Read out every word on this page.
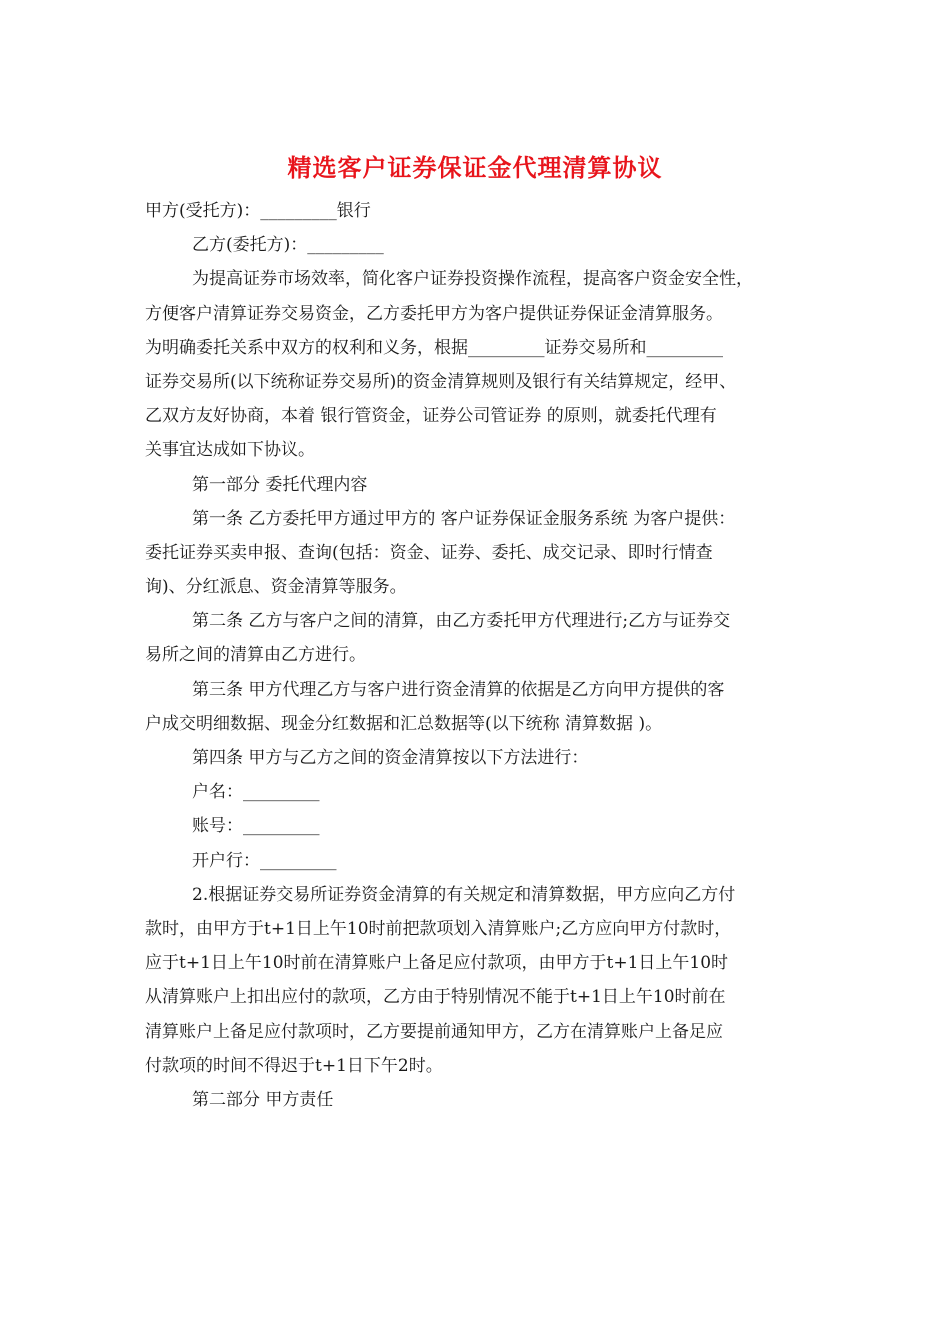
精选客户证券保证金代理清算协议
甲方(受托方)：_________银行
乙方(委托方)：_________
为提高证券市场效率，简化客户证券投资操作流程，提高客户资金安全性，
方便客户清算证券交易资金，乙方委托甲方为客户提供证券保证金清算服务。
为明确委托关系中双方的权利和义务，根据_________证券交易所和_________
证券交易所(以下统称证券交易所)的资金清算规则及银行有关结算规定，经甲、
乙双方友好协商，本着 银行管资金，证券公司管证券 的原则，就委托代理有
关事宜达成如下协议。
第一部分 委托代理内容
第一条 乙方委托甲方通过甲方的 客户证券保证金服务系统 为客户提供：
委托证券买卖申报、查询(包括：资金、证券、委托、成交记录、即时行情查
询)、分红派息、资金清算等服务。
第二条 乙方与客户之间的清算，由乙方委托甲方代理进行;乙方与证券交
易所之间的清算由乙方进行。
第三条 甲方代理乙方与客户进行资金清算的依据是乙方向甲方提供的客
户成交明细数据、现金分红数据和汇总数据等(以下统称 清算数据 )。
第四条 甲方与乙方之间的资金清算按以下方法进行：
户名：_________
账号：_________
开户行：_________
2.根据证券交易所证券资金清算的有关规定和清算数据，甲方应向乙方付
款时，由甲方于t+1日上午10时前把款项划入清算账户;乙方应向甲方付款时，
应于t+1日上午10时前在清算账户上备足应付款项，由甲方于t+1日上午10时
从清算账户上扣出应付的款项，乙方由于特别情况不能于t+1日上午10时前在
清算账户上备足应付款项时，乙方要提前通知甲方，乙方在清算账户上备足应
付款项的时间不得迟于t+1日下午2时。
第二部分 甲方责任
